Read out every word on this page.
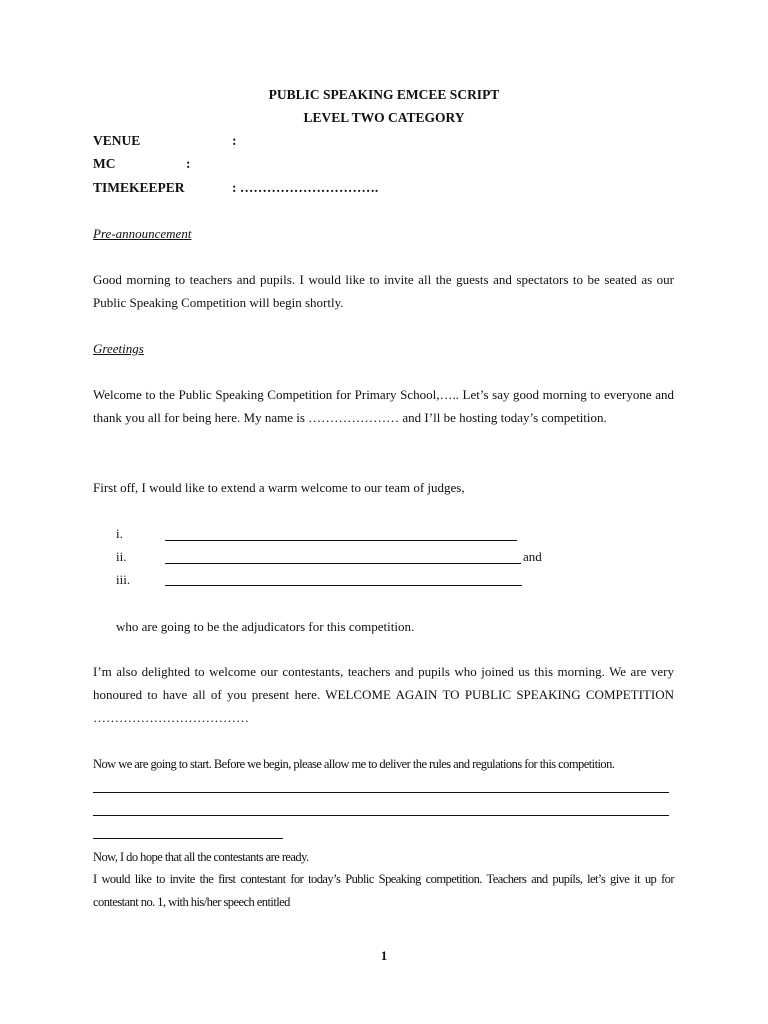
PUBLIC SPEAKING EMCEE SCRIPT
LEVEL TWO CATEGORY
VENUE	:
MC	:
TIMEKEEPER	: ………………………….
Pre-announcement
Good morning to teachers and pupils. I would like to invite all the guests and spectators to be seated as our Public Speaking Competition will begin shortly.
Greetings
Welcome to the Public Speaking Competition for Primary School,….. Let’s say good morning to everyone and thank you all for being here. My name is ………………… and I’ll be hosting today’s competition.
First off, I would like to extend a warm welcome to our team of judges,
i.
ii.	and
iii.
who are going to be the adjudicators for this competition.
I’m also delighted to welcome our contestants, teachers and pupils who joined us this morning. We are very honoured to have all of you present here. WELCOME AGAIN TO PUBLIC SPEAKING COMPETITION ………………………………
Now we are going to start. Before we begin, please allow me to deliver the rules and regulations for this competition.
Now, I do hope that all the contestants are ready.
I would like to invite the first contestant for today’s Public Speaking competition. Teachers and pupils, let’s give it up for contestant no. 1, with his/her speech entitled
1
